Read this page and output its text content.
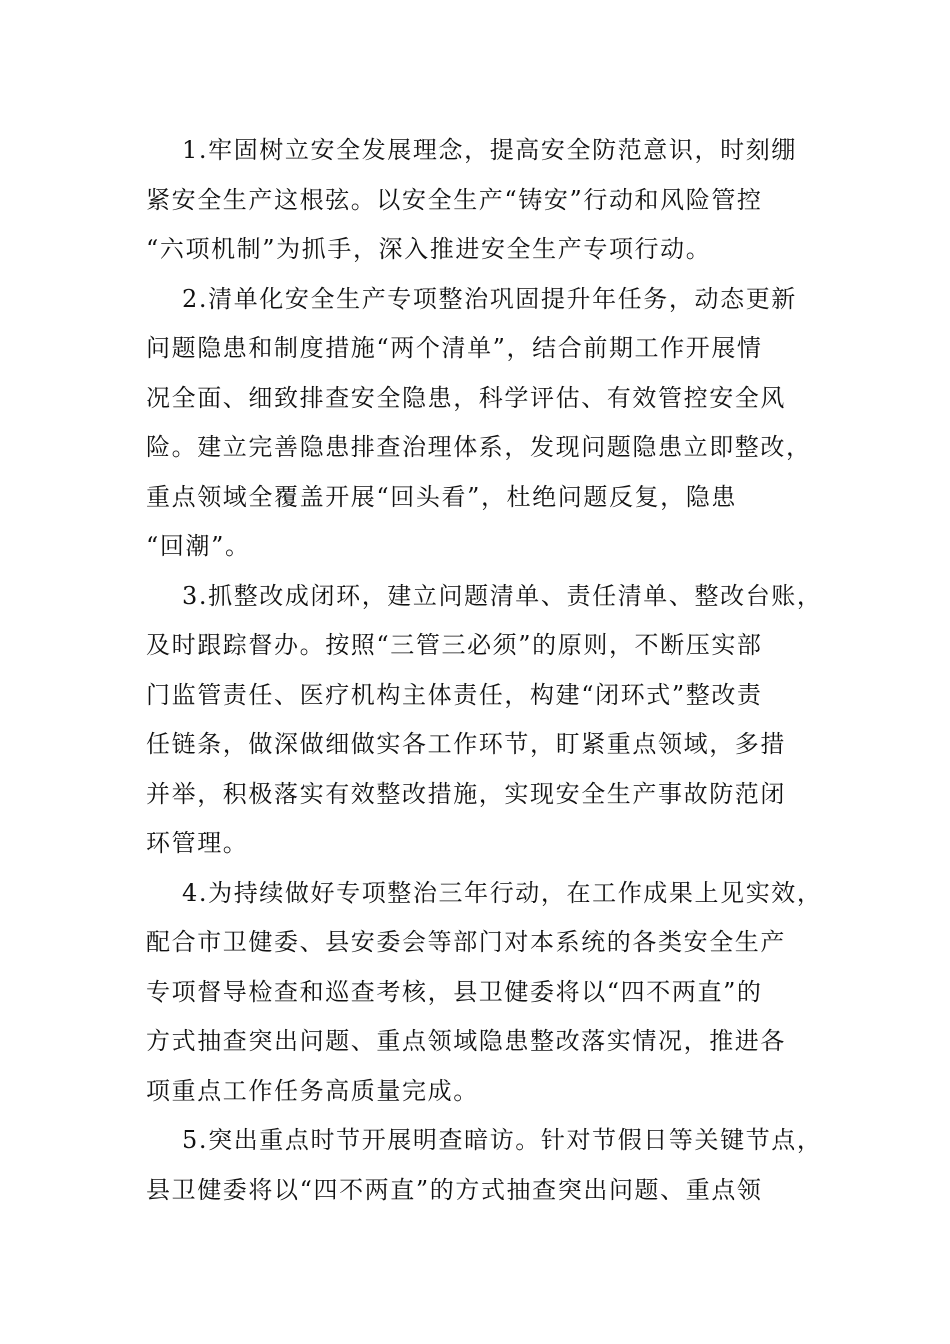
1.牢固树立安全发展理念，提高安全防范意识，时刻绷
紧安全生产这根弦。以安全生产“铸安”行动和风险管控
“六项机制”为抓手，深入推进安全生产专项行动。
2.清单化安全生产专项整治巩固提升年任务，动态更新
问题隐患和制度措施“两个清单”，结合前期工作开展情
况全面、细致排查安全隐患，科学评估、有效管控安全风
险。建立完善隐患排查治理体系，发现问题隐患立即整改，
重点领域全覆盖开展“回头看”，杜绝问题反复，隐患
“回潮”。
3.抓整改成闭环，建立问题清单、责任清单、整改台账，
及时跟踪督办。按照“三管三必须”的原则，不断压实部
门监管责任、医疗机构主体责任，构建“闭环式”整改责
任链条，做深做细做实各工作环节，盯紧重点领域，多措
并举，积极落实有效整改措施，实现安全生产事故防范闭
环管理。
4.为持续做好专项整治三年行动，在工作成果上见实效，
配合市卫健委、县安委会等部门对本系统的各类安全生产
专项督导检查和巡查考核，县卫健委将以“四不两直”的
方式抽查突出问题、重点领域隐患整改落实情况，推进各
项重点工作任务高质量完成。
5.突出重点时节开展明查暗访。针对节假日等关键节点，
县卫健委将以“四不两直”的方式抽查突出问题、重点领
